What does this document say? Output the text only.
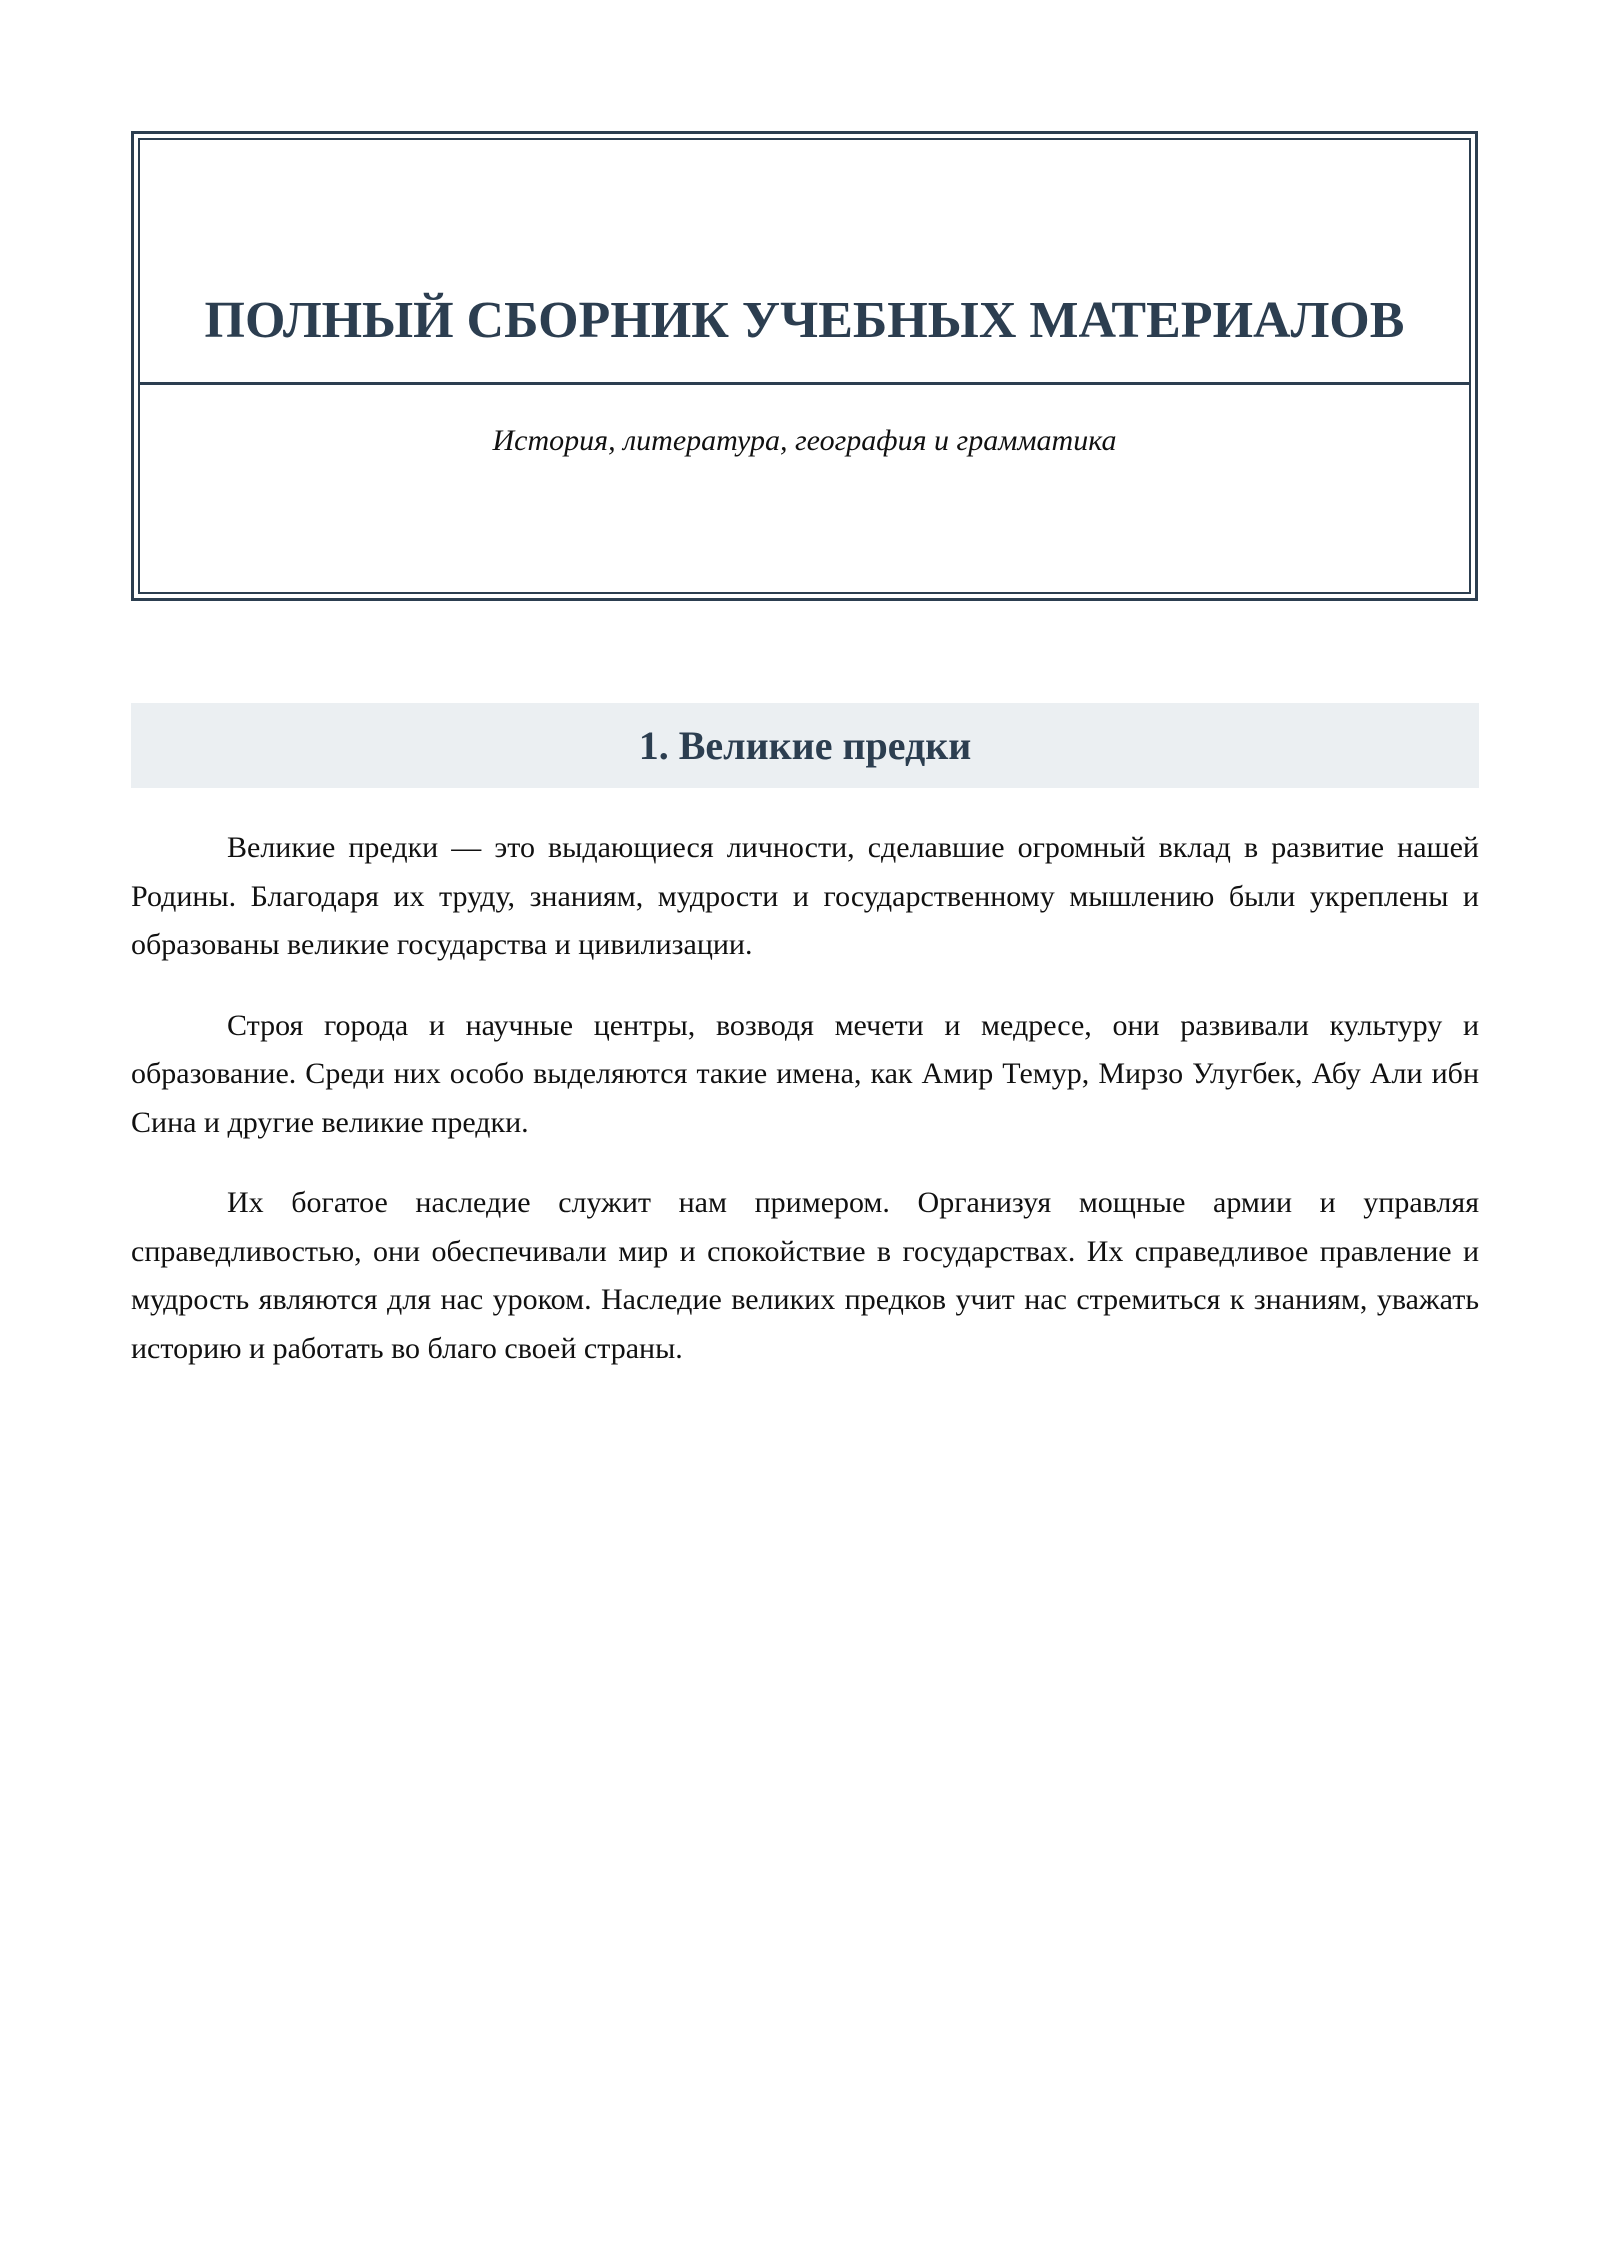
ПОЛНЫЙ СБОРНИК УЧЕБНЫХ МАТЕРИАЛОВ

История, литература, география и грамматика

1. Великие предки

Великие предки — это выдающиеся личности, сделавшие огромный вклад в развитие нашей Родины. Благодаря их труду, знаниям, мудрости и государственному мышлению были укреплены и образованы великие государства и цивилизации.

Строя города и научные центры, возводя мечети и медресе, они развивали культуру и образование. Среди них особо выделяются такие имена, как Амир Темур, Мирзо Улугбек, Абу Али ибн Сина и другие великие предки.

Их богатое наследие служит нам примером. Организуя мощные армии и управляя справедливостью, они обеспечивали мир и спокойствие в государствах. Их справедливое правление и мудрость являются для нас уроком. Наследие великих предков учит нас стремиться к знаниям, уважать историю и работать во благо своей страны.
